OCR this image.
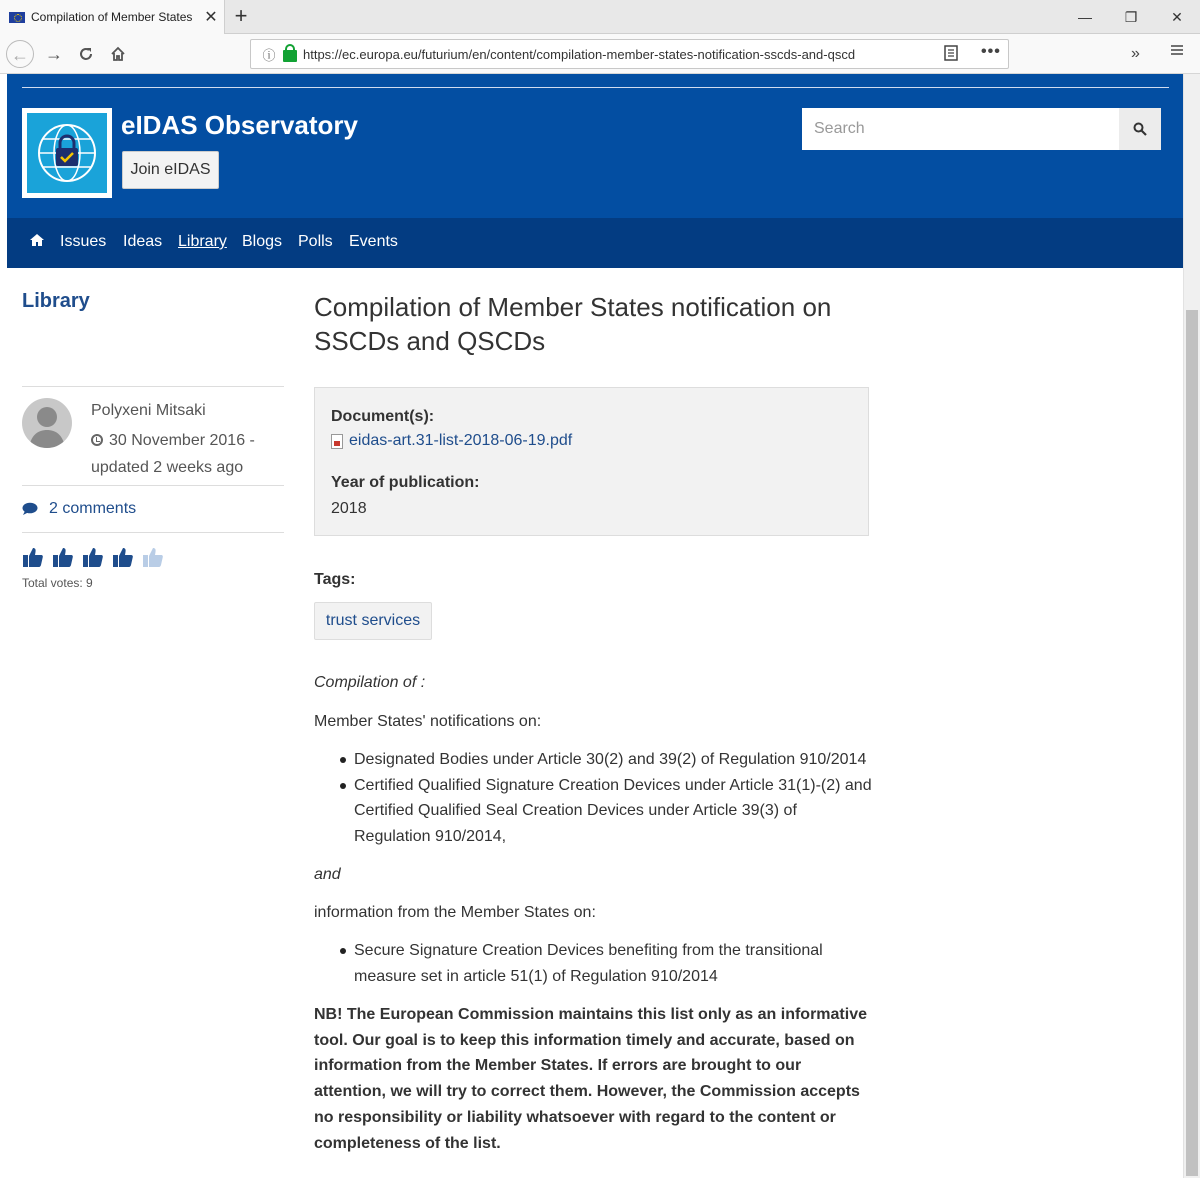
Compilation of Member States ✕ +	—	❐	✕
← →	ⓘ https://ec.europa.eu/futurium/en/content/compilation-member-states-notification-sscds-and-qscd	•••	»
eIDAS Observatory
Join eIDAS
Search
Issues Ideas Library Blogs Polls Events
Library
Polyxeni Mitsaki
30 November 2016 -
updated 2 weeks ago
2 comments
Total votes: 9
Compilation of Member States notification on SSCDs and QSCDs
Document(s):
eidas-art.31-list-2018-06-19.pdf
Year of publication:
2018
Tags:
trust services

Compilation of :

Member States' notifications on:

Designated Bodies under Article 30(2) and 39(2) of Regulation 910/2014
Certified Qualified Signature Creation Devices under Article 31(1)-(2) and Certified Qualified Seal Creation Devices under Article 39(3) of Regulation 910/2014,

and

information from the Member States on:

Secure Signature Creation Devices benefiting from the transitional measure set in article 51(1) of Regulation 910/2014

NB! The European Commission maintains this list only as an informative tool. Our goal is to keep this information timely and accurate, based on information from the Member States. If errors are brought to our attention, we will try to correct them. However, the Commission accepts no responsibility or liability whatsoever with regard to the content or completeness of the list.
